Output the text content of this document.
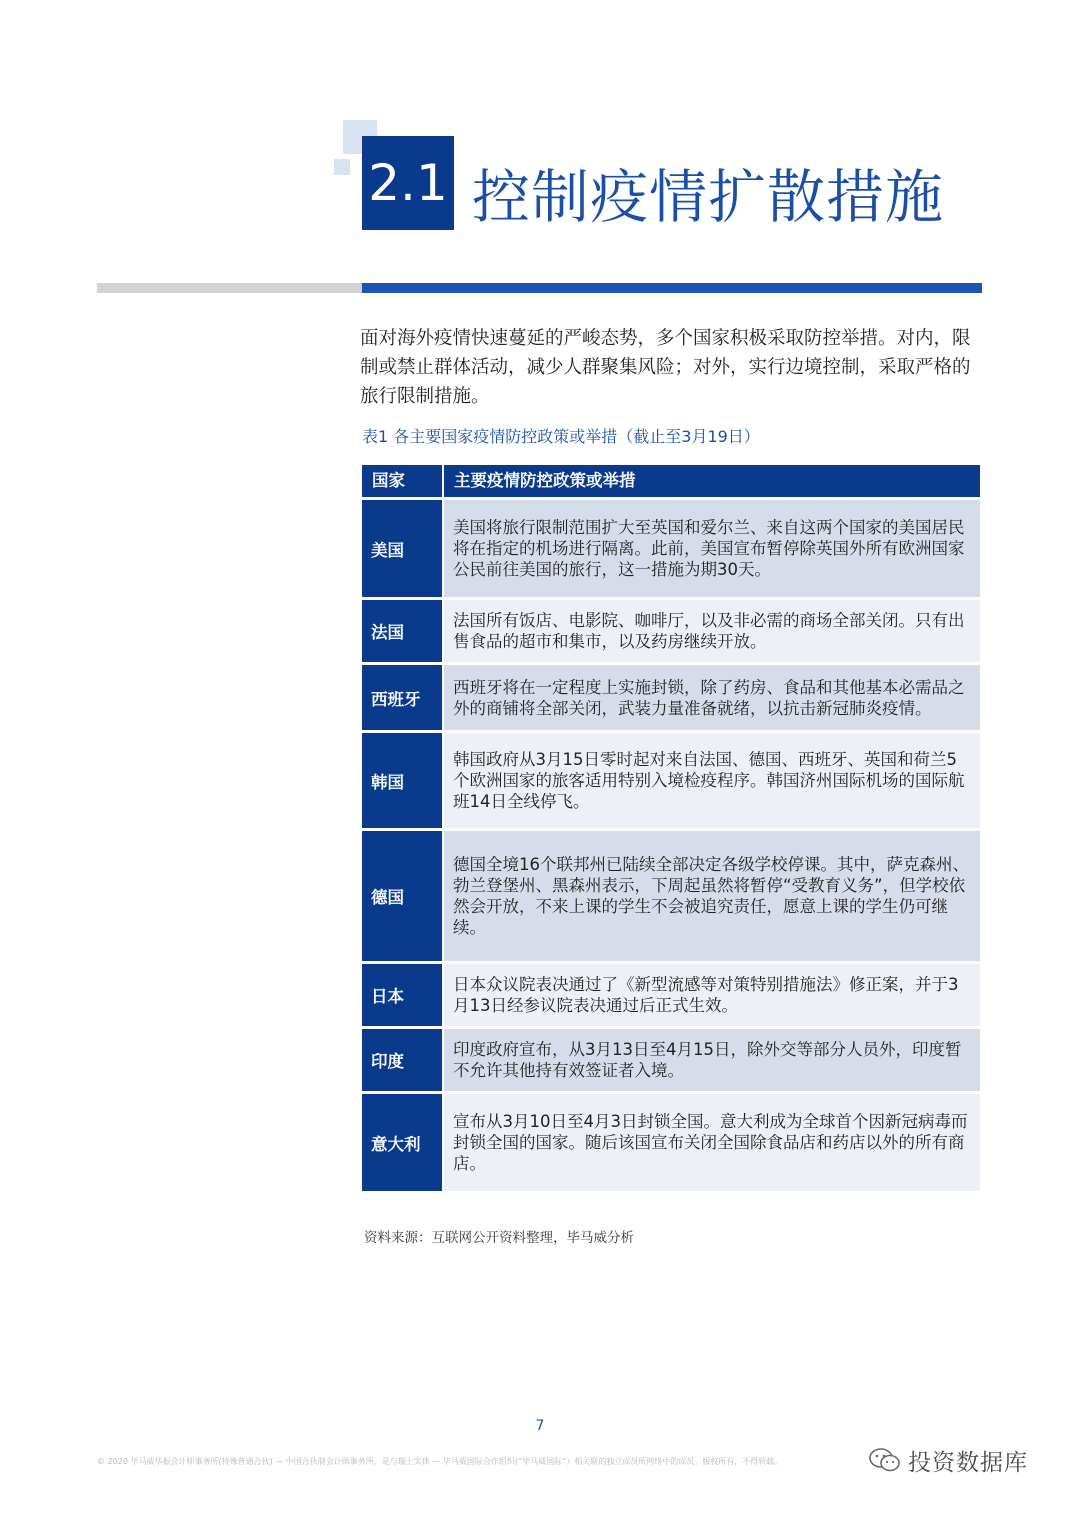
2.1 控制疫情扩散措施
面对海外疫情快速蔓延的严峻态势，多个国家积极采取防控举措。对内，限制或禁止群体活动，减少人群聚集风险；对外，实行边境控制，采取严格的旅行限制措施。
表1 各主要国家疫情防控政策或举措（截止至3月19日）
国家	主要疫情防控政策或举措
美国
美国将旅行限制范围扩大至英国和爱尔兰、来自这两个国家的美国居民将在指定的机场进行隔离。此前，美国宣布暂停除英国外所有欧洲国家公民前往美国的旅行，这一措施为期30天。
法国
法国所有饭店、电影院、咖啡厅，以及非必需的商场全部关闭。只有出售食品的超市和集市，以及药房继续开放。
西班牙
西班牙将在一定程度上实施封锁，除了药房、食品和其他基本必需品之外的商铺将全部关闭，武装力量准备就绪，以抗击新冠肺炎疫情。
韩国
韩国政府从3月15日零时起对来自法国、德国、西班牙、英国和荷兰5个欧洲国家的旅客适用特别入境检疫程序。韩国济州国际机场的国际航班14日全线停飞。
德国
德国全境16个联邦州已陆续全部决定各级学校停课。其中，萨克森州、勃兰登堡州、黑森州表示，下周起虽然将暂停“受教育义务”，但学校依然会开放，不来上课的学生不会被追究责任，愿意上课的学生仍可继续。
日本
日本众议院表决通过了《新型流感等对策特别措施法》修正案，并于3月13日经参议院表决通过后正式生效。
印度
印度政府宣布，从3月13日至4月15日，除外交等部分人员外，印度暂不允许其他持有效签证者入境。
意大利
宣布从3月10日至4月3日封锁全国。意大利成为全球首个因新冠病毒而封锁全国的国家。随后该国宣布关闭全国除食品店和药店以外的所有商店。
资料来源：互联网公开资料整理，毕马威分析
7
© 2020 毕马威华振会计师事务所(特殊普通合伙) — 中国合伙制会计师事务所，是与瑞士实体 — 毕马威国际合作组织(“毕马威国际”）相关联的独立成员所网络中的成员。版权所有，不得转载。	投资数据库
